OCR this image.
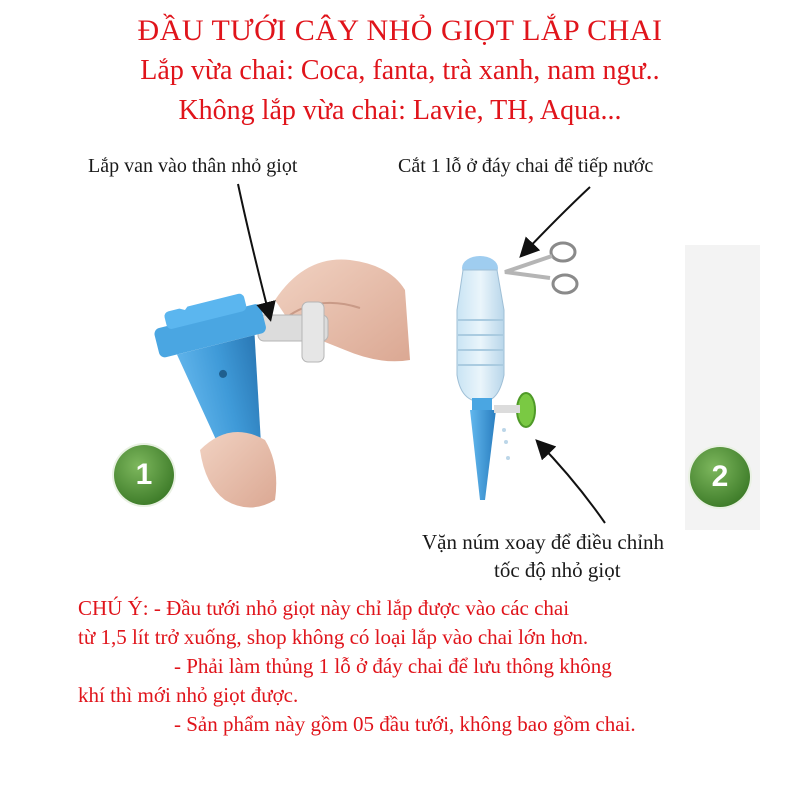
ĐẦU TƯỚI CÂY NHỎ GIỌT LẮP CHAI
Lắp vừa chai: Coca, fanta, trà xanh, nam ngư..
Không lắp vừa chai: Lavie, TH, Aqua...
Lắp van vào thân nhỏ giọt	Cắt 1 lỗ ở đáy chai để tiếp nước
1	2
Vặn núm xoay để điều chỉnh
tốc độ nhỏ giọt
CHÚ Ý: - Đầu tưới nhỏ giọt này chỉ lắp được vào các chai
từ 1,5 lít trở xuống, shop không có loại lắp vào chai lớn hơn.
- Phải làm thủng 1 lỗ ở đáy chai để lưu thông không
khí thì mới nhỏ giọt được.
- Sản phẩm này gồm 05 đầu tưới, không bao gồm chai.
